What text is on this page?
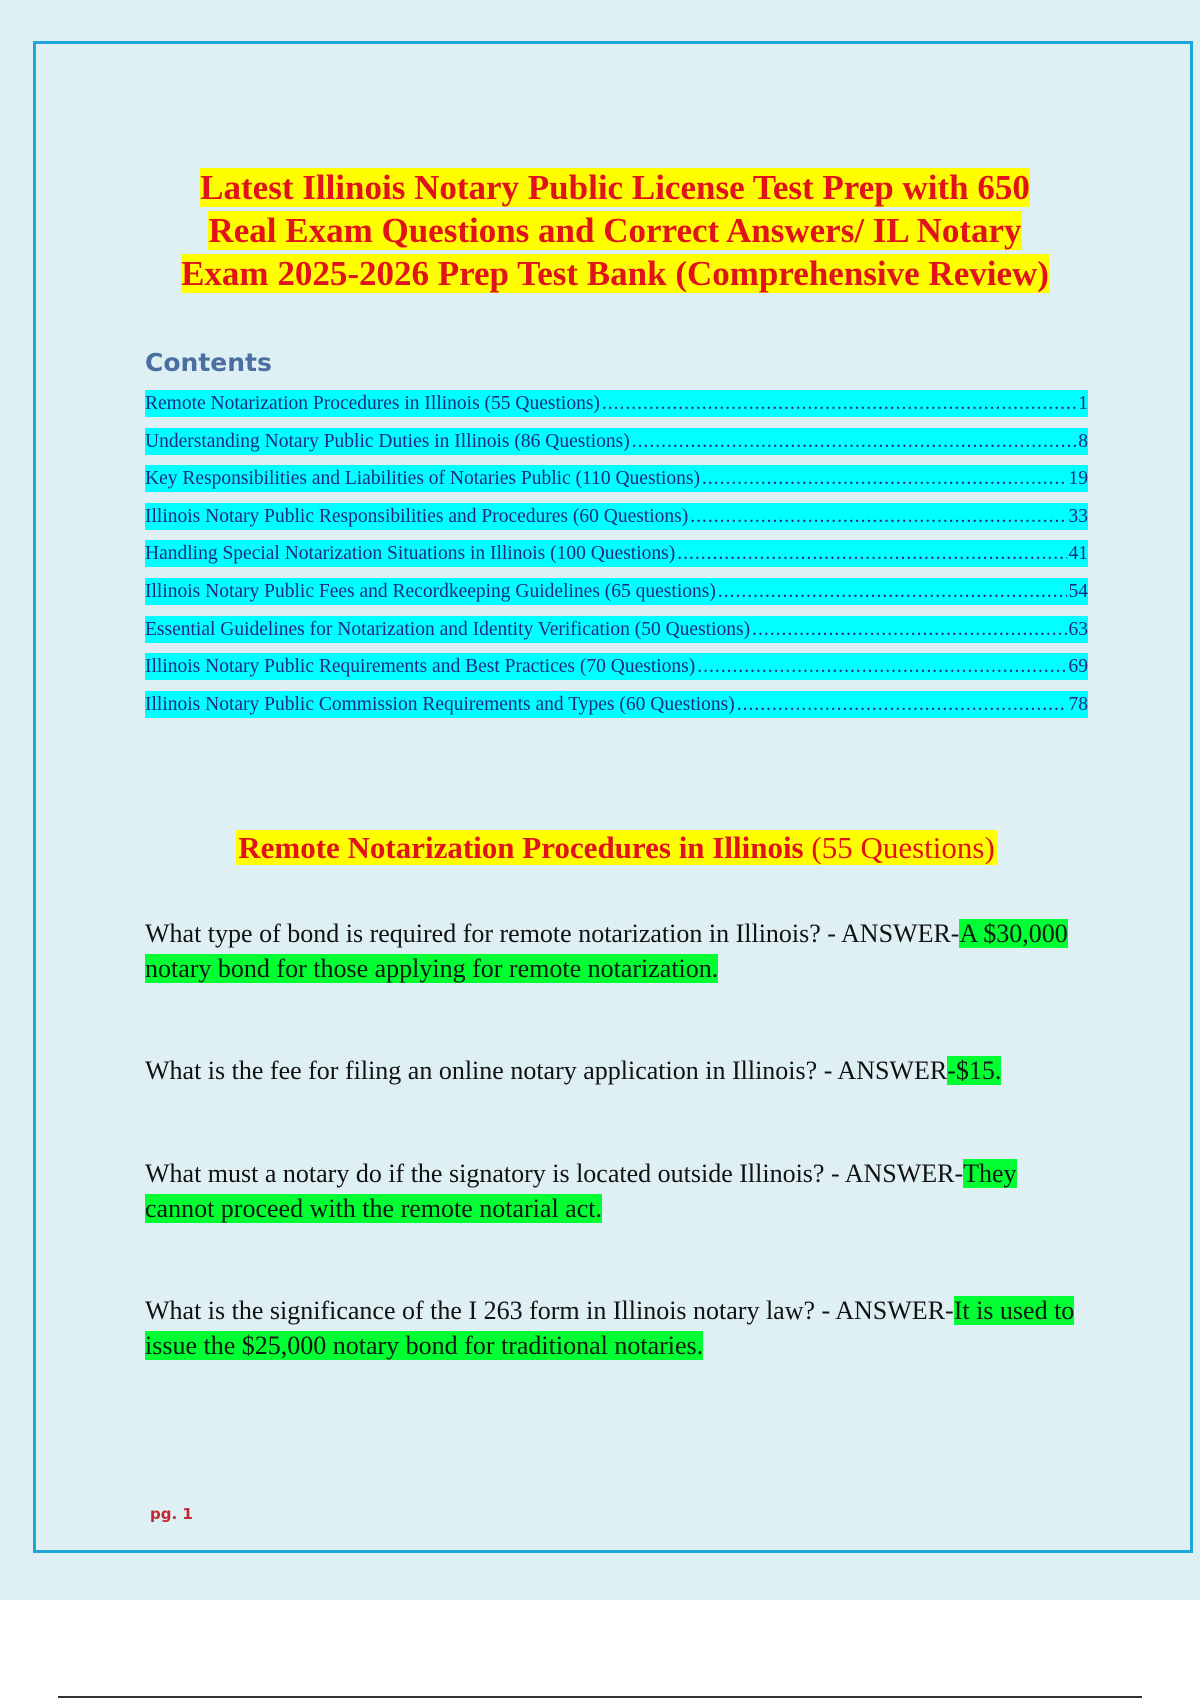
Latest Illinois Notary Public License Test Prep with 650
Real Exam Questions and Correct Answers/ IL Notary
Exam 2025-2026 Prep Test Bank (Comprehensive Review)
Contents
Remote Notarization Procedures in Illinois (55 Questions) .....	1
Understanding Notary Public Duties in Illinois (86 Questions) .....	8
Key Responsibilities and Liabilities of Notaries Public (110 Questions) .....	19
Illinois Notary Public Responsibilities and Procedures (60 Questions) .....	33
Handling Special Notarization Situations in Illinois (100 Questions) .....	41
Illinois Notary Public Fees and Recordkeeping Guidelines (65 questions) .....	54
Essential Guidelines for Notarization and Identity Verification (50 Questions) .....	63
Illinois Notary Public Requirements and Best Practices (70 Questions) .....	69
Illinois Notary Public Commission Requirements and Types (60 Questions) .....	78
Remote Notarization Procedures in Illinois (55 Questions)

What type of bond is required for remote notarization in Illinois? - ANSWER-A $30,000 notary bond for those applying for remote notarization.

What is the fee for filing an online notary application in Illinois? - ANSWER-$15.

What must a notary do if the signatory is located outside Illinois? - ANSWER-They cannot proceed with the remote notarial act.

What is the significance of the I 263 form in Illinois notary law? - ANSWER-It is used to issue the $25,000 notary bond for traditional notaries.

pg. 1
